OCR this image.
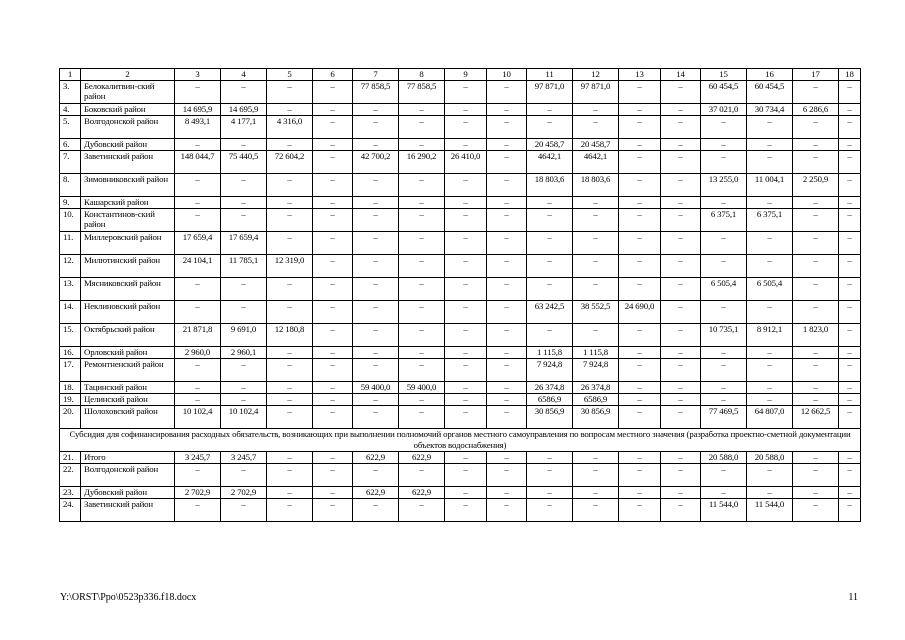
1	2	3	4	5	6	7	8	9	10	11	12	13	14	15	16	17	18
3.	Белокалитвин-ский район	–	–	–	–	77 858,5	77 858,5	–	–	97 871,0	97 871,0	–	–	60 454,5	60 454,5	–	–
4.	Боковский район	14 695,9	14 695,9	–	–	–	–	–	–	–	–	–	–	37 021,0	30 734,4	6 286,6	–
5.	Волгодонской район	8 493,1	4 177,1	4 316,0	–	–	–	–	–	–	–	–	–	–	–	–	–
6.	Дубовский район	–	–	–	–	–	–	–	–	20 458,7	20 458,7	–	–	–	–	–	–
7.	Заветинский район	148 044,7	75 440,5	72 604,2	–	42 700,2	16 290,2	26 410,0	–	4642,1	4642,1	–	–	–	–	–	–
8.	Зимовниковский район	–	–	–	–	–	–	–	–	18 803,6	18 803,6	–	–	13 255,0	11 004,1	2 250,9	–
9.	Кашарский район	–	–	–	–	–	–	–	–	–	–	–	–	–	–	–	–
10.	Константинов-ский район	–	–	–	–	–	–	–	–	–	–	–	–	6 375,1	6 375,1	–	–
11.	Миллеровский район	17 659,4	17 659,4	–	–	–	–	–	–	–	–	–	–	–	–	–	–
12.	Милютинский район	24 104,1	11 785,1	12 319,0	–	–	–	–	–	–	–	–	–	–	–	–	–
13.	Мясниковский район	–	–	–	–	–	–	–	–	–	–	–	–	6 505,4	6 505,4	–	–
14.	Неклиновский район	–	–	–	–	–	–	–	–	63 242,5	38 552,5	24 690,0	–	–	–	–	–
15.	Октябрьский район	21 871,8	9 691,0	12 180,8	–	–	–	–	–	–	–	–	–	10 735,1	8 912,1	1 823,0	–
16.	Орловский район	2 960,0	2 960,1	–	–	–	–	–	–	1 115,8	1 115,8	–	–	–	–	–	–
17.	Ремонтненский район	–	–	–	–	–	–	–	–	7 924,8	7 924,8	–	–	–	–	–	–
18.	Тацинский район	–	–	–	–	59 400,0	59 400,0	–	–	26 374,8	26 374,8	–	–	–	–	–	–
19.	Целинский район	–	–	–	–	–	–	–	–	6586,9	6586,9	–	–	–	–	–	–
20.	Шолоховский район	10 102,4	10 102,4	–	–	–	–	–	–	30 856,9	30 856,9	–	–	77 469,5	64 807,0	12 662,5	–
Субсидия для софинансирования расходных обязательств, возникающих при выполнении полномочий органов местного самоуправления по вопросам местного значения (разработка проектно-сметной документации объектов водоснабжения)																	
21.	Итого	3 245,7	3 245,7	–	–	622,9	622,9	–	–	–	–	–	–	20 588,0	20 588,0	–	–
22.	Волгодонской район	–	–	–	–	–	–	–	–	–	–	–	–	–	–	–	–
23.	Дубовский район	2 702,9	2 702,9	–	–	622,9	622,9	–	–	–	–	–	–	–	–	–	–
24.	Заветинский район	–	–	–	–	–	–	–	–	–	–	–	–	11 544,0	11 544,0	–	–
Y:\ORST\Ppo\0523p336.f18.docx	11
